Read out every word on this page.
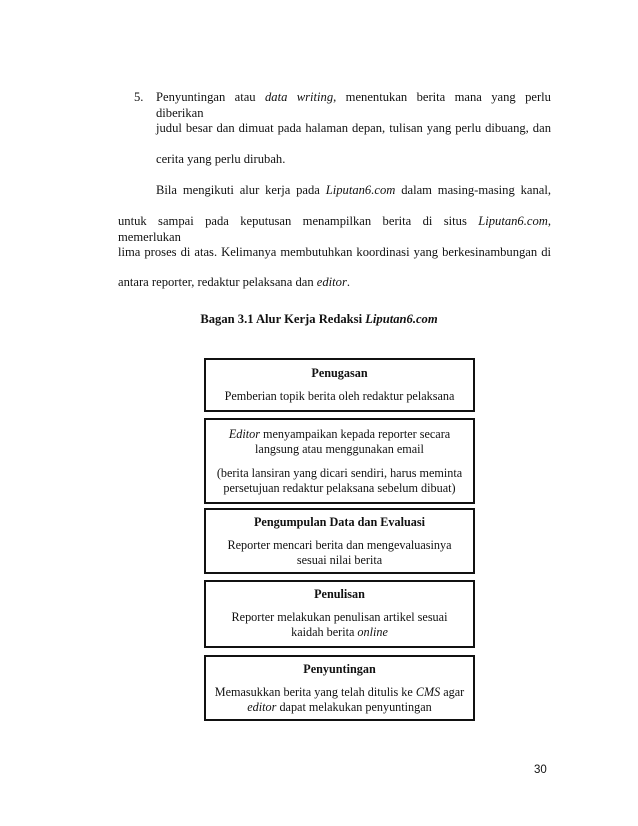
5. Penyuntingan atau data writing, menentukan berita mana yang perlu diberikan
judul besar dan dimuat pada halaman depan, tulisan yang perlu dibuang, dan
cerita yang perlu dirubah.
Bila mengikuti alur kerja pada Liputan6.com dalam masing-masing kanal,
untuk sampai pada keputusan menampilkan berita di situs Liputan6.com, memerlukan
lima proses di atas. Kelimanya membutuhkan koordinasi yang berkesinambungan di
antara reporter, redaktur pelaksana dan editor.
Bagan 3.1 Alur Kerja Redaksi Liputan6.com
Penugasan
Pemberian topik berita oleh redaktur pelaksana
Editor menyampaikan kepada reporter secara langsung atau menggunakan email
(berita lansiran yang dicari sendiri, harus meminta persetujuan redaktur pelaksana sebelum dibuat)
Pengumpulan Data dan Evaluasi
Reporter mencari berita dan mengevaluasinya sesuai nilai berita
Penulisan
Reporter melakukan penulisan artikel sesuai kaidah berita online
Penyuntingan
Memasukkan berita yang telah ditulis ke CMS agar editor dapat melakukan penyuntingan
30
